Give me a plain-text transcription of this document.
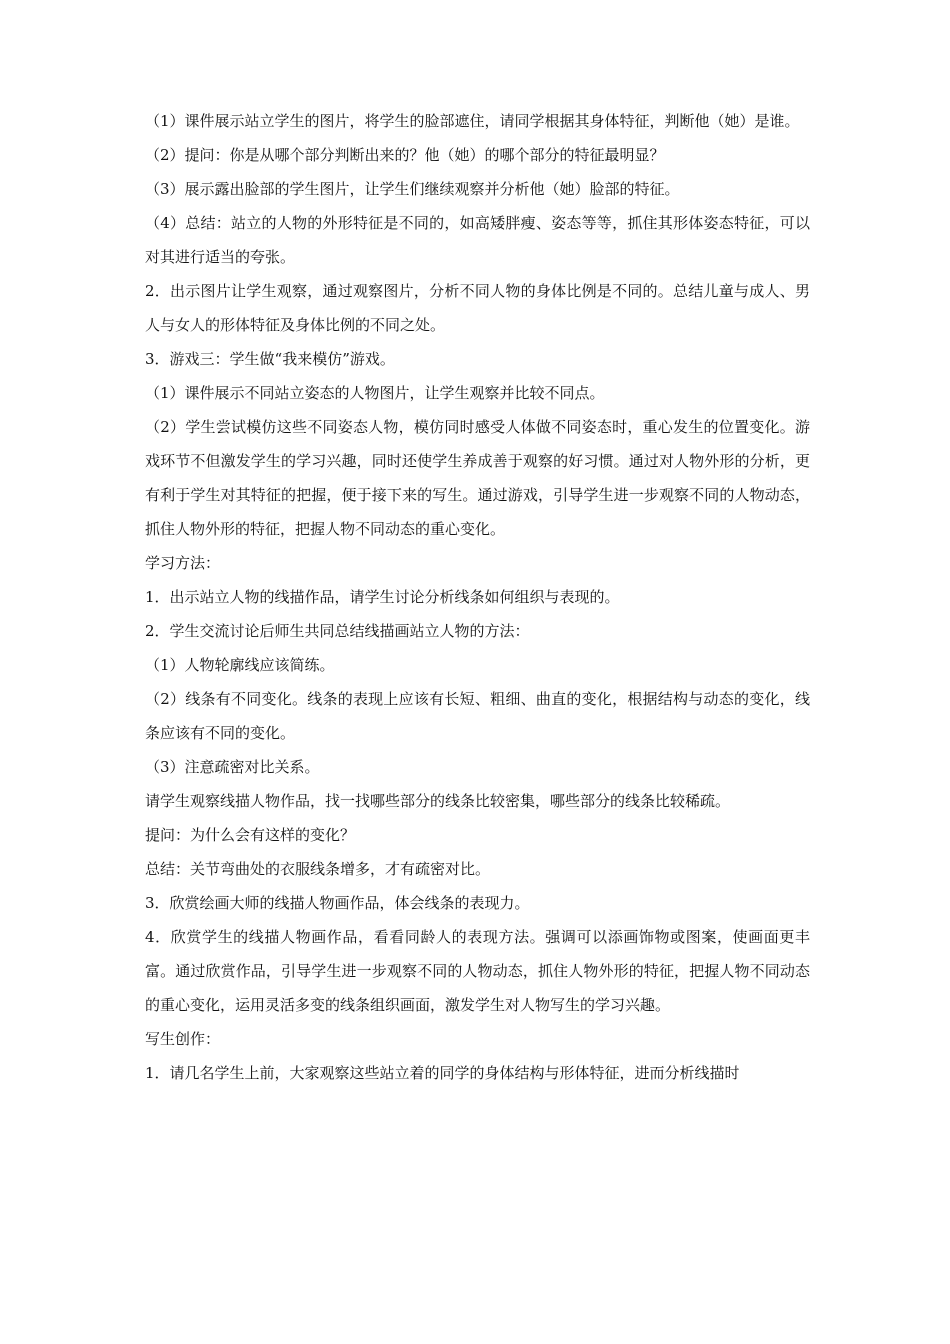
（1）课件展示站立学生的图片，将学生的脸部遮住，请同学根据其身体特征，判断他（她）是谁。

（2）提问：你是从哪个部分判断出来的？他（她）的哪个部分的特征最明显？

（3）展示露出脸部的学生图片，让学生们继续观察并分析他（她）脸部的特征。

（4）总结：站立的人物的外形特征是不同的，如高矮胖瘦、姿态等等，抓住其形体姿态特征，可以对其进行适当的夸张。

2．出示图片让学生观察，通过观察图片，分析不同人物的身体比例是不同的。总结儿童与成人、男人与女人的形体特征及身体比例的不同之处。

3．游戏三：学生做“我来模仿”游戏。

（1）课件展示不同站立姿态的人物图片，让学生观察并比较不同点。

（2）学生尝试模仿这些不同姿态人物，模仿同时感受人体做不同姿态时，重心发生的位置变化。游戏环节不但激发学生的学习兴趣，同时还使学生养成善于观察的好习惯。通过对人物外形的分析，更有利于学生对其特征的把握，便于接下来的写生。通过游戏，引导学生进一步观察不同的人物动态，抓住人物外形的特征，把握人物不同动态的重心变化。

学习方法：

1．出示站立人物的线描作品，请学生讨论分析线条如何组织与表现的。

2．学生交流讨论后师生共同总结线描画站立人物的方法：

（1）人物轮廓线应该简练。

（2）线条有不同变化。线条的表现上应该有长短、粗细、曲直的变化，根据结构与动态的变化，线条应该有不同的变化。

（3）注意疏密对比关系。

请学生观察线描人物作品，找一找哪些部分的线条比较密集，哪些部分的线条比较稀疏。

提问：为什么会有这样的变化？

总结：关节弯曲处的衣服线条增多，才有疏密对比。

3．欣赏绘画大师的线描人物画作品，体会线条的表现力。

4．欣赏学生的线描人物画作品，看看同龄人的表现方法。强调可以添画饰物或图案，使画面更丰富。通过欣赏作品，引导学生进一步观察不同的人物动态，抓住人物外形的特征，把握人物不同动态的重心变化，运用灵活多变的线条组织画面，激发学生对人物写生的学习兴趣。

写生创作：

1．请几名学生上前，大家观察这些站立着的同学的身体结构与形体特征，进而分析线描时
